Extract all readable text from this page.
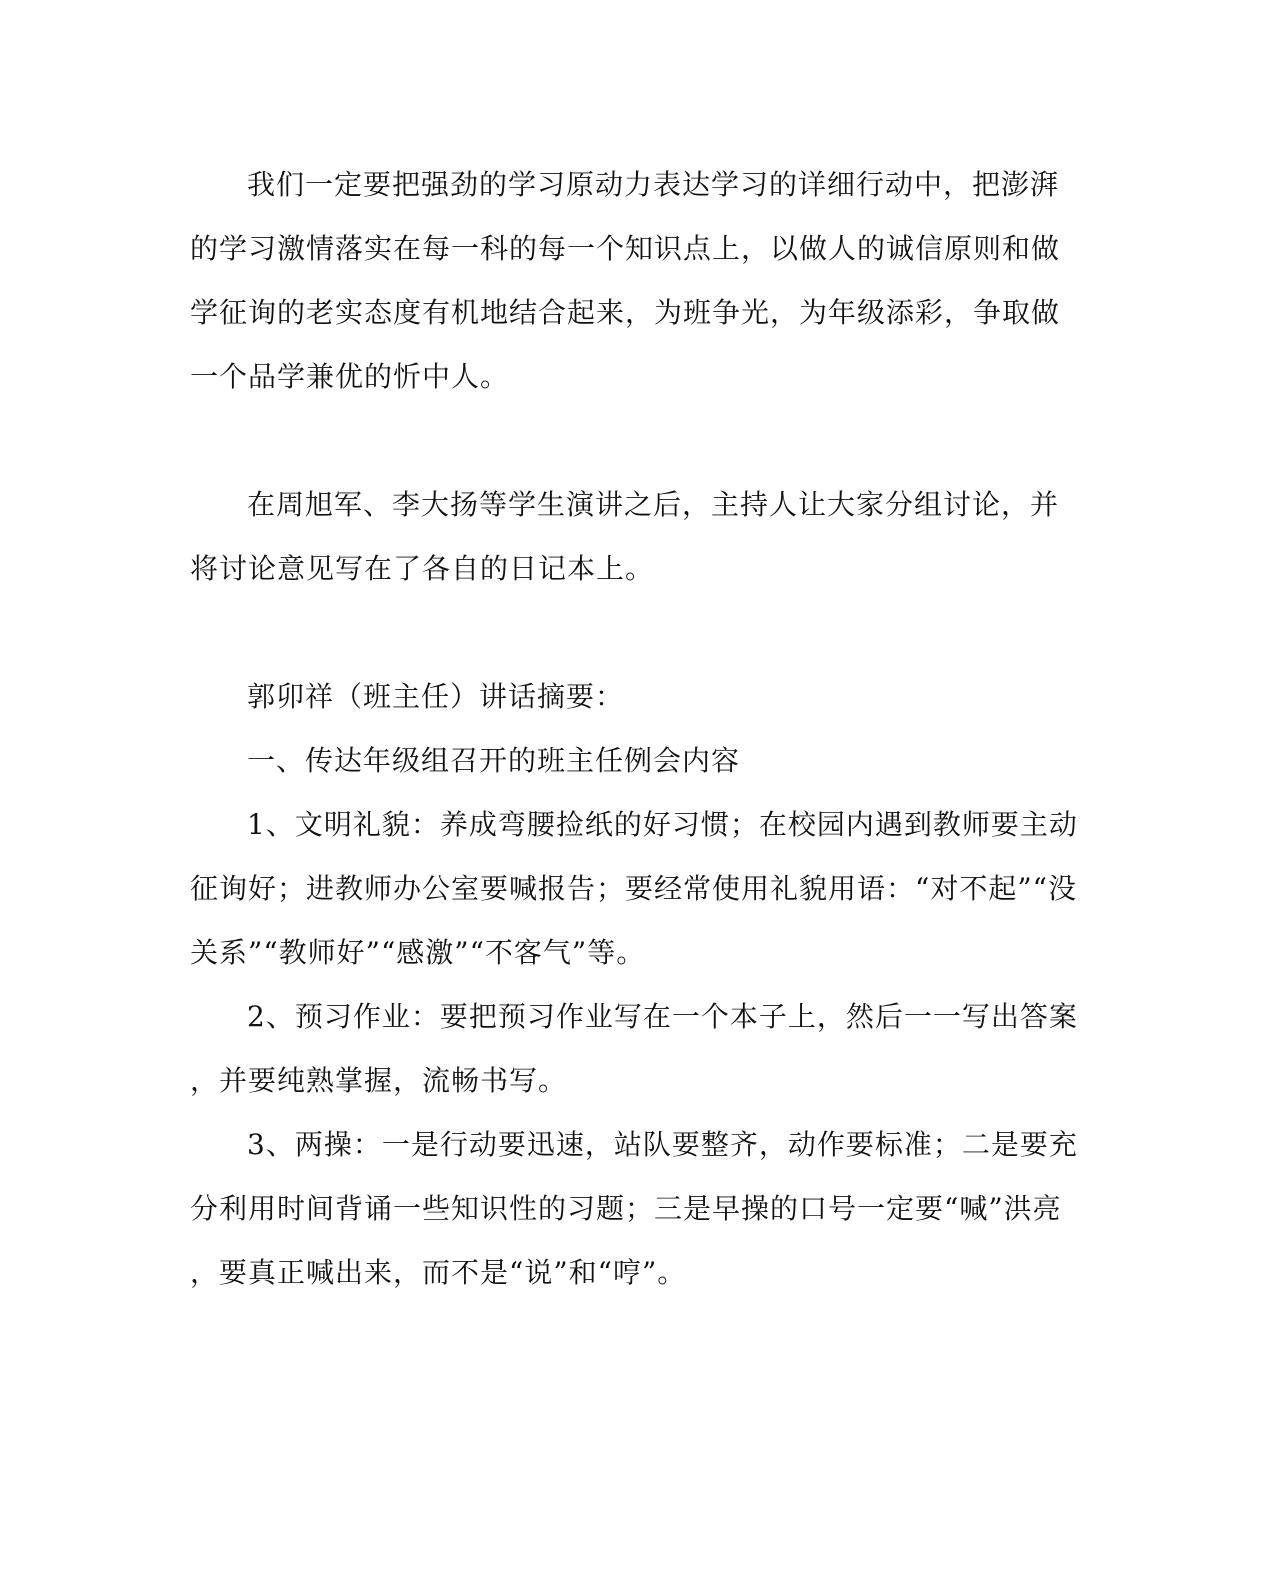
我们一定要把强劲的学习原动力表达学习的详细行动中，把澎湃
的学习激情落实在每一科的每一个知识点上，以做人的诚信原则和做
学征询的老实态度有机地结合起来，为班争光，为年级添彩，争取做
一个品学兼优的忻中人。
在周旭军、李大扬等学生演讲之后，主持人让大家分组讨论，并
将讨论意见写在了各自的日记本上。
郭卯祥（班主任）讲话摘要：
一、传达年级组召开的班主任例会内容
1、文明礼貌：养成弯腰捡纸的好习惯；在校园内遇到教师要主动
征询好；进教师办公室要喊报告；要经常使用礼貌用语：“对不起”“没
关系”“教师好”“感激”“不客气”等。
2、预习作业：要把预习作业写在一个本子上，然后一一写出答案
，并要纯熟掌握，流畅书写。
3、两操：一是行动要迅速，站队要整齐，动作要标准；二是要充
分利用时间背诵一些知识性的习题；三是早操的口号一定要“喊”洪亮
，要真正喊出来，而不是“说”和“哼”。
